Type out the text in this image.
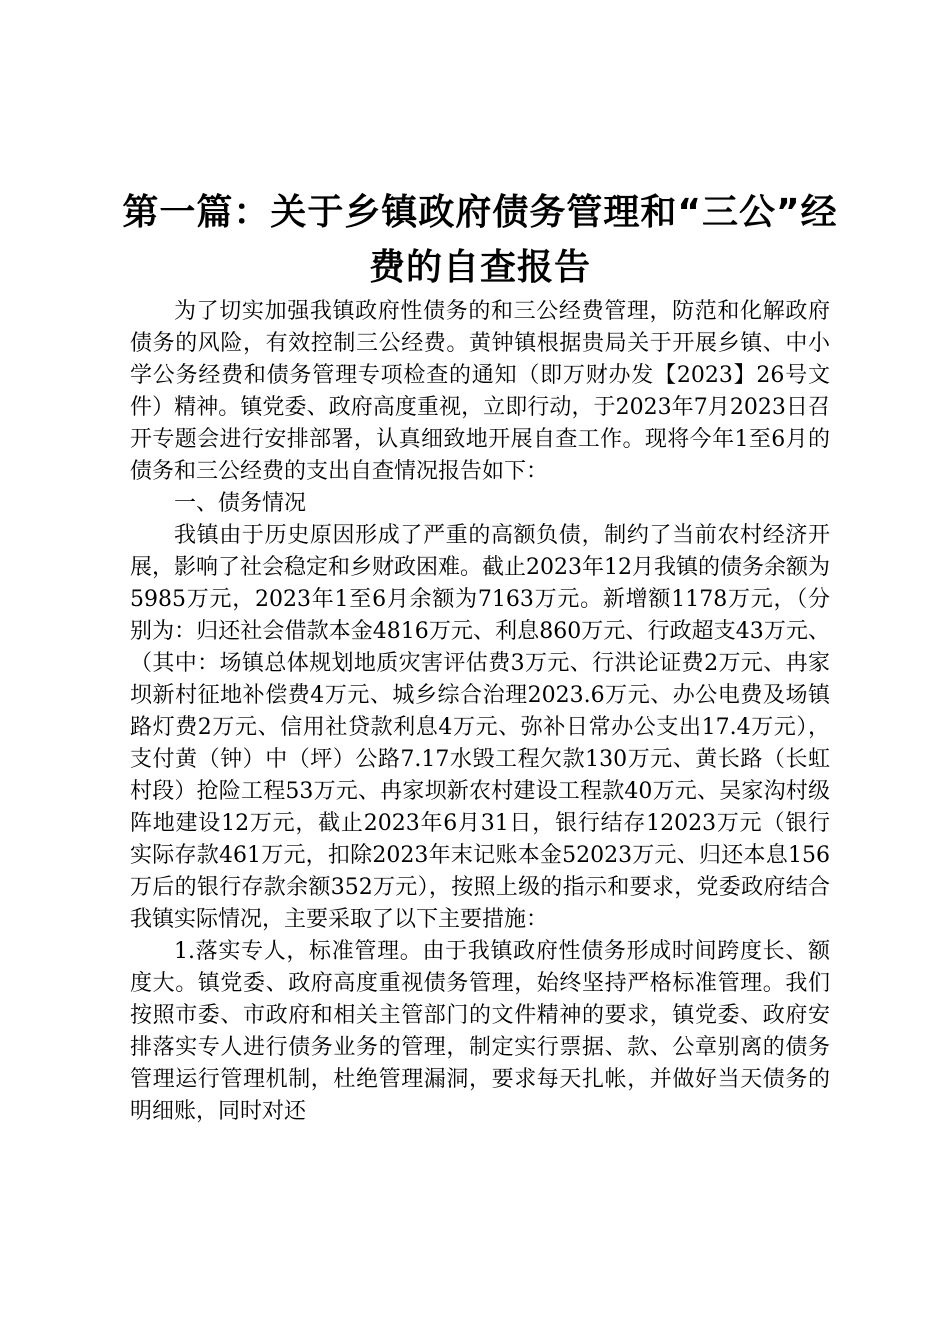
第一篇：关于乡镇政府债务管理和“三公”经
费的自查报告

为了切实加强我镇政府性债务的和三公经费管理，防范和化解政府债务的风险，有效控制三公经费。黄钟镇根据贵局关于开展乡镇、中小学公务经费和债务管理专项检查的通知（即万财办发【2023】26号文件）精神。镇党委、政府高度重视，立即行动，于2023年7月2023日召开专题会进行安排部署，认真细致地开展自查工作。现将今年1至6月的债务和三公经费的支出自查情况报告如下：

一、债务情况

我镇由于历史原因形成了严重的高额负债，制约了当前农村经济开展，影响了社会稳定和乡财政困难。截止2023年12月我镇的债务余额为5985万元，2023年1至6月余额为7163万元。新增额1178万元，（分别为：归还社会借款本金4816万元、利息860万元、行政超支43万元、（其中：场镇总体规划地质灾害评估费3万元、行洪论证费2万元、冉家坝新村征地补偿费4万元、城乡综合治理2023.6万元、办公电费及场镇路灯费2万元、信用社贷款利息4万元、弥补日常办公支出17.4万元），支付黄（钟）中（坪）公路7.17水毁工程欠款130万元、黄长路（长虹村段）抢险工程53万元、冉家坝新农村建设工程款40万元、吴家沟村级阵地建设12万元，截止2023年6月31日，银行结存12023万元（银行实际存款461万元，扣除2023年末记账本金52023万元、归还本息156万后的银行存款余额352万元），按照上级的指示和要求，党委政府结合我镇实际情况，主要采取了以下主要措施：

1.落实专人，标准管理。由于我镇政府性债务形成时间跨度长、额度大。镇党委、政府高度重视债务管理，始终坚持严格标准管理。我们按照市委、市政府和相关主管部门的文件精神的要求，镇党委、政府安排落实专人进行债务业务的管理，制定实行票据、款、公章别离的债务管理运行管理机制，杜绝管理漏洞，要求每天扎帐，并做好当天债务的明细账，同时对还
